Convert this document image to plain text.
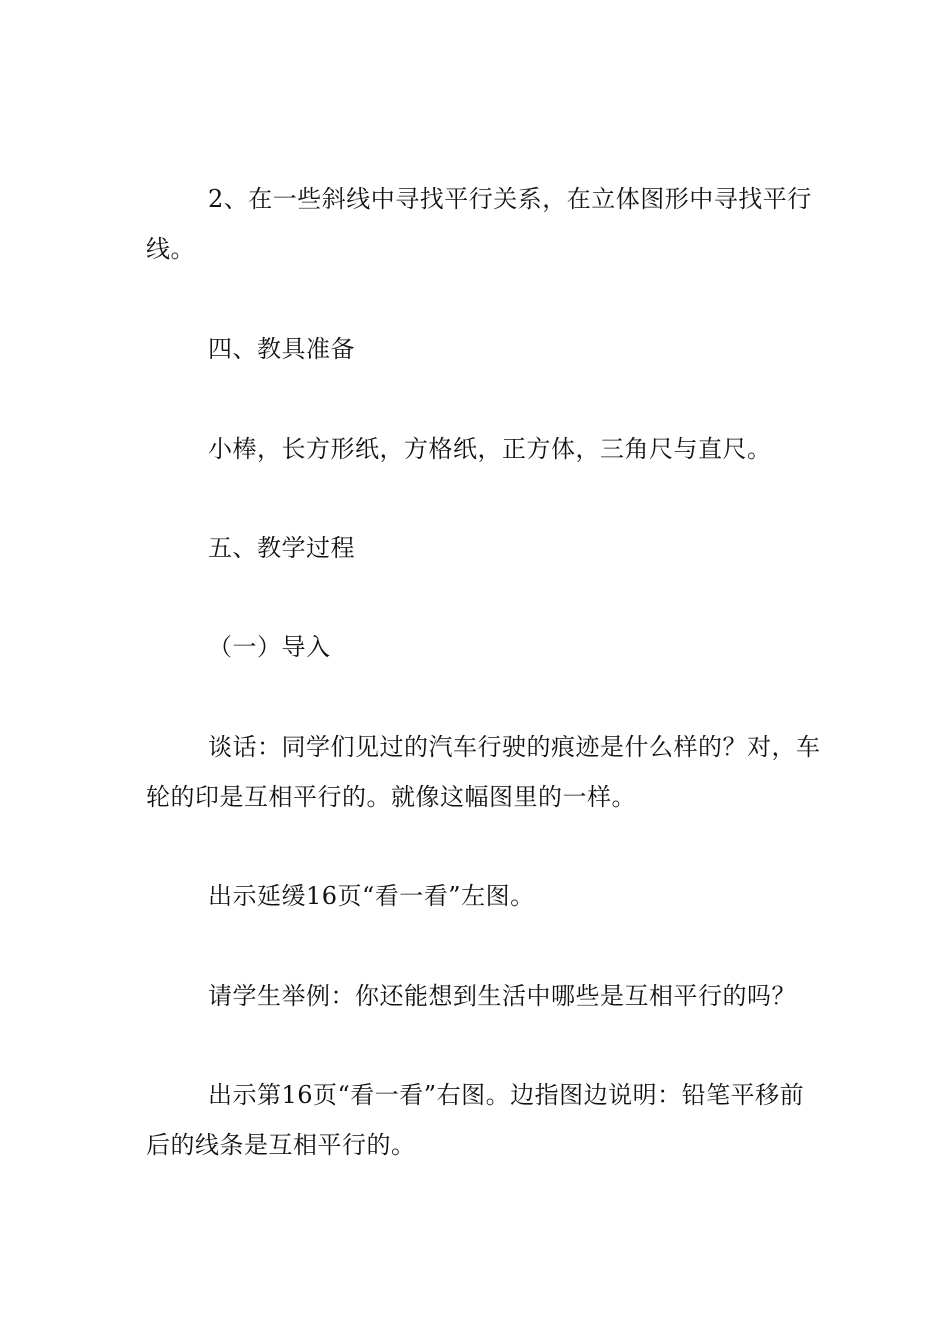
2、在一些斜线中寻找平行关系，在立体图形中寻找平行线。

四、教具准备

小棒，长方形纸，方格纸，正方体，三角尺与直尺。

五、教学过程

（一）导入

谈话：同学们见过的汽车行驶的痕迹是什么样的？对，车轮的印是互相平行的。就像这幅图里的一样。

出示延缓16页“看一看”左图。

请学生举例：你还能想到生活中哪些是互相平行的吗？

出示第16页“看一看”右图。边指图边说明：铅笔平移前后的线条是互相平行的。
